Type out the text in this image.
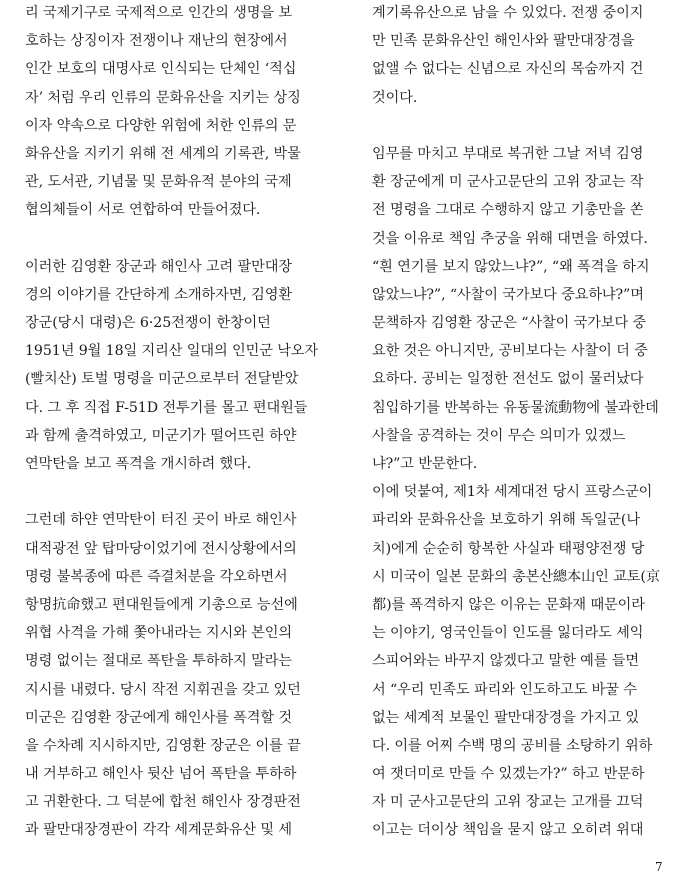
리 국제기구로 국제적으로 인간의 생명을 보
호하는 상징이자 전쟁이나 재난의 현장에서
인간 보호의 대명사로 인식되는 단체인 ‘적십
자’ 처럼 우리 인류의 문화유산을 지키는 상징
이자 약속으로 다양한 위험에 처한 인류의 문
화유산을 지키기 위해 전 세계의 기록관, 박물
관, 도서관, 기념물 및 문화유적 분야의 국제
협의체들이 서로 연합하여 만들어졌다.
이러한 김영환 장군과 해인사 고려 팔만대장
경의 이야기를 간단하게 소개하자면, 김영환
장군(당시 대령)은 6·25전쟁이 한창이던
1951년 9월 18일 지리산 일대의 인민군 낙오자
(빨치산) 토벌 명령을 미군으로부터 전달받았
다. 그 후 직접 F-51D 전투기를 몰고 편대원들
과 함께 출격하였고, 미군기가 떨어뜨린 하얀
연막탄을 보고 폭격을 개시하려 했다.
그런데 하얀 연막탄이 터진 곳이 바로 해인사
대적광전 앞 탑마당이었기에 전시상황에서의
명령 불복종에 따른 즉결처분을 각오하면서
항명抗命했고 편대원들에게 기총으로 능선에
위협 사격을 가해 쫓아내라는 지시와 본인의
명령 없이는 절대로 폭탄을 투하하지 말라는
지시를 내렸다. 당시 작전 지휘권을 갖고 있던
미군은 김영환 장군에게 해인사를 폭격할 것
을 수차례 지시하지만, 김영환 장군은 이를 끝
내 거부하고 해인사 뒷산 넘어 폭탄을 투하하
고 귀환한다. 그 덕분에 합천 해인사 장경판전
과 팔만대장경판이 각각 세계문화유산 및 세
계기록유산으로 남을 수 있었다. 전쟁 중이지
만 민족 문화유산인 해인사와 팔만대장경을
없앨 수 없다는 신념으로 자신의 목숨까지 건
것이다.
임무를 마치고 부대로 복귀한 그날 저녁 김영
환 장군에게 미 군사고문단의 고위 장교는 작
전 명령을 그대로 수행하지 않고 기총만을 쏜
것을 이유로 책임 추궁을 위해 대면을 하였다.
“흰 연기를 보지 않았느냐?”, “왜 폭격을 하지
않았느냐?”, “사찰이 국가보다 중요하냐?”며
문책하자 김영환 장군은 “사찰이 국가보다 중
요한 것은 아니지만, 공비보다는 사찰이 더 중
요하다. 공비는 일정한 전선도 없이 물러났다
침입하기를 반복하는 유동물流動物에 불과한데
사찰을 공격하는 것이 무슨 의미가 있겠느
냐?”고 반문한다.
이에 덧붙여, 제1차 세계대전 당시 프랑스군이
파리와 문화유산을 보호하기 위해 독일군(나
치)에게 순순히 항복한 사실과 태평양전쟁 당
시 미국이 일본 문화의 총본산總本山인 교토(京
都)를 폭격하지 않은 이유는 문화재 때문이라
는 이야기, 영국인들이 인도를 잃더라도 셰익
스피어와는 바꾸지 않겠다고 말한 예를 들면
서 “우리 민족도 파리와 인도하고도 바꿀 수
없는 세계적 보물인 팔만대장경을 가지고 있
다. 이를 어찌 수백 명의 공비를 소탕하기 위하
여 잿더미로 만들 수 있겠는가?” 하고 반문하
자 미 군사고문단의 고위 장교는 고개를 끄덕
이고는 더이상 책임을 묻지 않고 오히려 위대
7
